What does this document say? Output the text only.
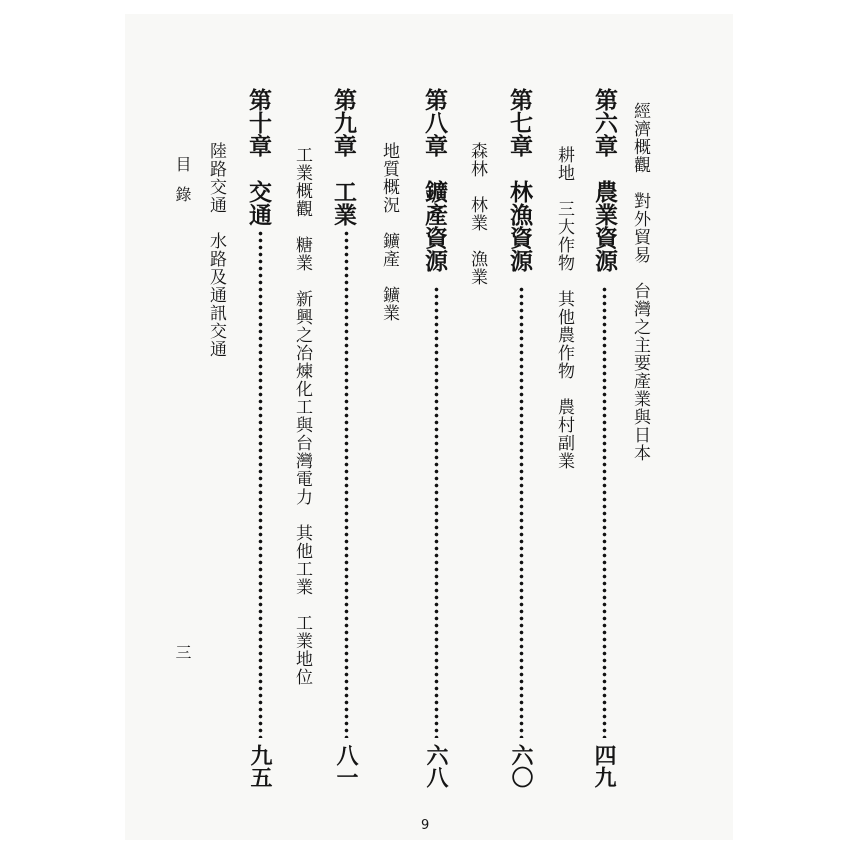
經濟概觀　對外貿易　台灣之主要產業與日本
第六章　農業資源
四九
耕地　三大作物　其他農作物　農村副業
第七章　林漁資源
六〇
森林　林業　漁業
第八章　鑛產資源
六八
地質概況　鑛產　鑛業
第九章　工業
八一
工業概觀　糖業　新興之冶煉化工與台灣電力　其他工業　工業地位
第十章　交通
九五
陸路交通　水路及通訊交通
目錄
三
9
